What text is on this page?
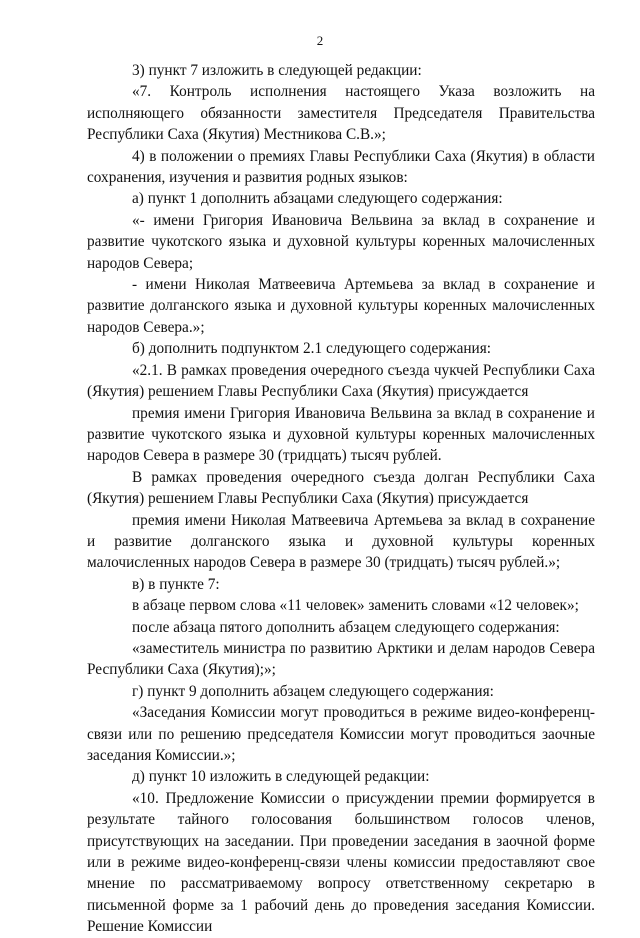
2

3) пункт 7 изложить в следующей редакции:

«7. Контроль исполнения настоящего Указа возложить на исполняющего обязанности заместителя Председателя Правительства Республики Саха (Якутия) Местникова С.В.»;

4) в положении о премиях Главы Республики Саха (Якутия) в области сохранения, изучения и развития родных языков:

а) пункт 1 дополнить абзацами следующего содержания:

«- имени Григория Ивановича Вельвина за вклад в сохранение и развитие чукотского языка и духовной культуры коренных малочисленных народов Севера;

- имени Николая Матвеевича Артемьева за вклад в сохранение и развитие долганского языка и духовной культуры коренных малочисленных народов Севера.»;

б) дополнить подпунктом 2.1 следующего содержания:

«2.1. В рамках проведения очередного съезда чукчей Республики Саха (Якутия) решением Главы Республики Саха (Якутия) присуждается

премия имени Григория Ивановича Вельвина за вклад в сохранение и развитие чукотского языка и духовной культуры коренных малочисленных народов Севера в размере 30 (тридцать) тысяч рублей.

В рамках проведения очередного съезда долган Республики Саха (Якутия) решением Главы Республики Саха (Якутия) присуждается

премия имени Николая Матвеевича Артемьева за вклад в сохранение и развитие долганского языка и духовной культуры коренных малочисленных народов Севера в размере 30 (тридцать) тысяч рублей.»;

в) в пункте 7:

в абзаце первом слова «11 человек» заменить словами «12 человек»;

после абзаца пятого дополнить абзацем следующего содержания:

«заместитель министра по развитию Арктики и делам народов Севера Республики Саха (Якутия);»;

г) пункт 9 дополнить абзацем следующего содержания:

«Заседания Комиссии могут проводиться в режиме видео-конференц-связи или по решению председателя Комиссии могут проводиться заочные заседания Комиссии.»;

д) пункт 10 изложить в следующей редакции:

«10. Предложение Комиссии о присуждении премии формируется в результате тайного голосования большинством голосов членов, присутствующих на заседании. При проведении заседания в заочной форме или в режиме видео-конференц-связи члены комиссии предоставляют свое мнение по рассматриваемому вопросу ответственному секретарю в письменной форме за 1 рабочий день до проведения заседания Комиссии. Решение Комиссии
